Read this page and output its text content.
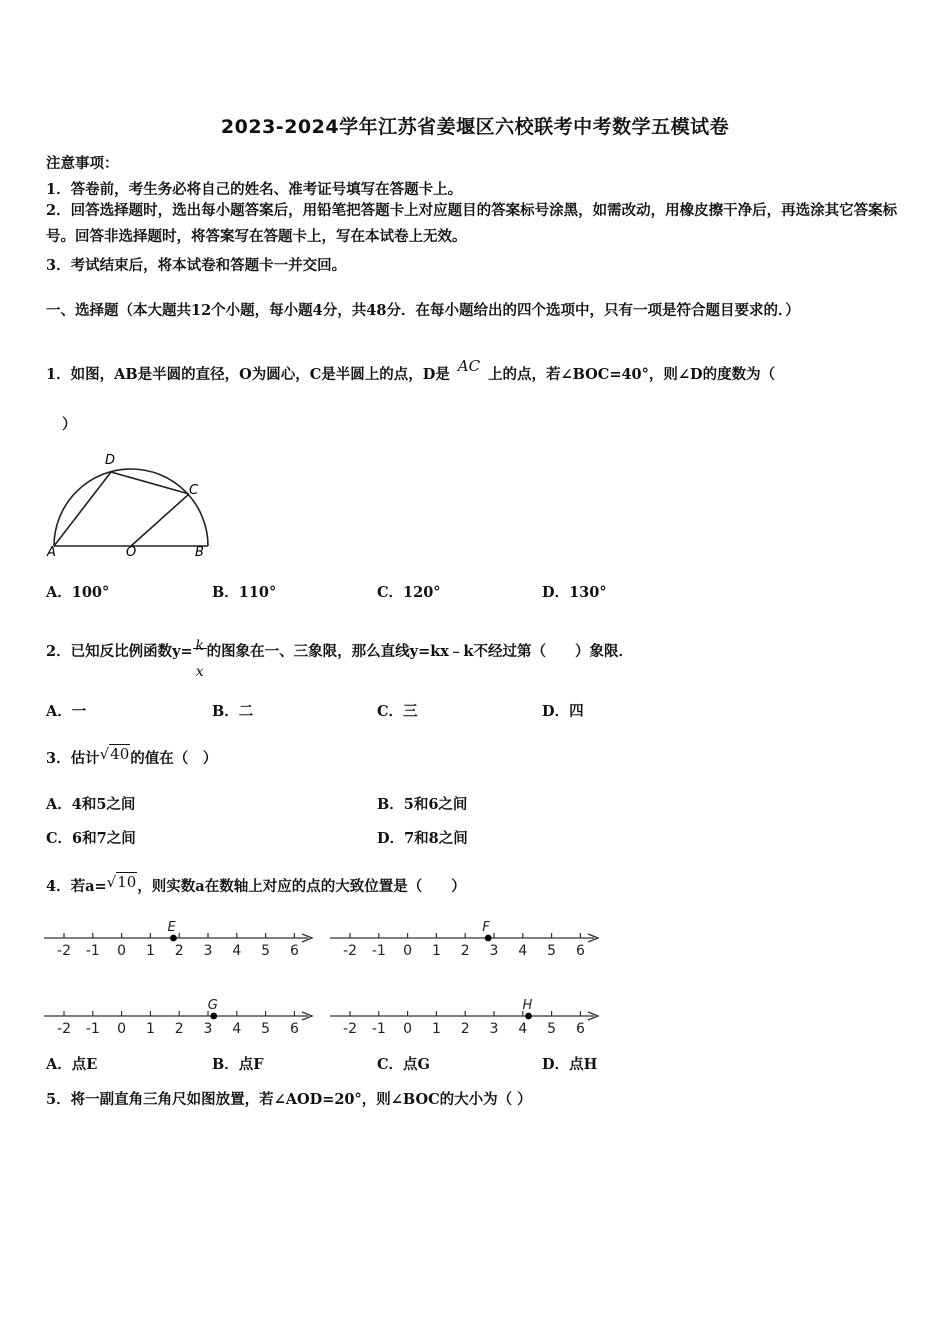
2023-2024学年江苏省姜堰区六校联考中考数学五模试卷
注意事项：
1．答卷前，考生务必将自己的姓名、准考证号填写在答题卡上。
2．回答选择题时，选出每小题答案后，用铅笔把答题卡上对应题目的答案标号涂黑，如需改动，用橡皮擦干净后，再选涂其它答案标号。回答非选择题时，将答案写在答题卡上，写在本试卷上无效。
3．考试结束后，将本试卷和答题卡一并交回。
一、选择题（本大题共12个小题，每小题4分，共48分．在每小题给出的四个选项中，只有一项是符合题目要求的．）
1．如图，AB是半圆的直径，O为圆心，C是半圆上的点，D是 AC 上的点，若∠BOC=40°，则∠D的度数为（
）
A	O	B
C
D
A．100°	B．110°	C．120°	D．130°
2．已知反比例函数y= k
x
的图象在一、三象限，那么直线y=kx﹣k不经过第（　　）象限．
A．一	B．二	C．三	D．四
3．估计√40的值在（　）
A．4和5之间	B．5和6之间
C．6和7之间	D．7和8之间
4．若a=√10，则实数a在数轴上对应的点的大致位置是（　　）
-2 -1 0 1 2 3 4 5 6
E
-2 -1 0 1 2 3 4 5 6
F
-2 -1 0 1 2 3 4 5 6
G
-2 -1 0 1 2 3 4 5 6
H
A．点E	B．点F	C．点G	D．点H
5．将一副直角三角尺如图放置，若∠AOD=20°，则∠BOC的大小为（ ）
